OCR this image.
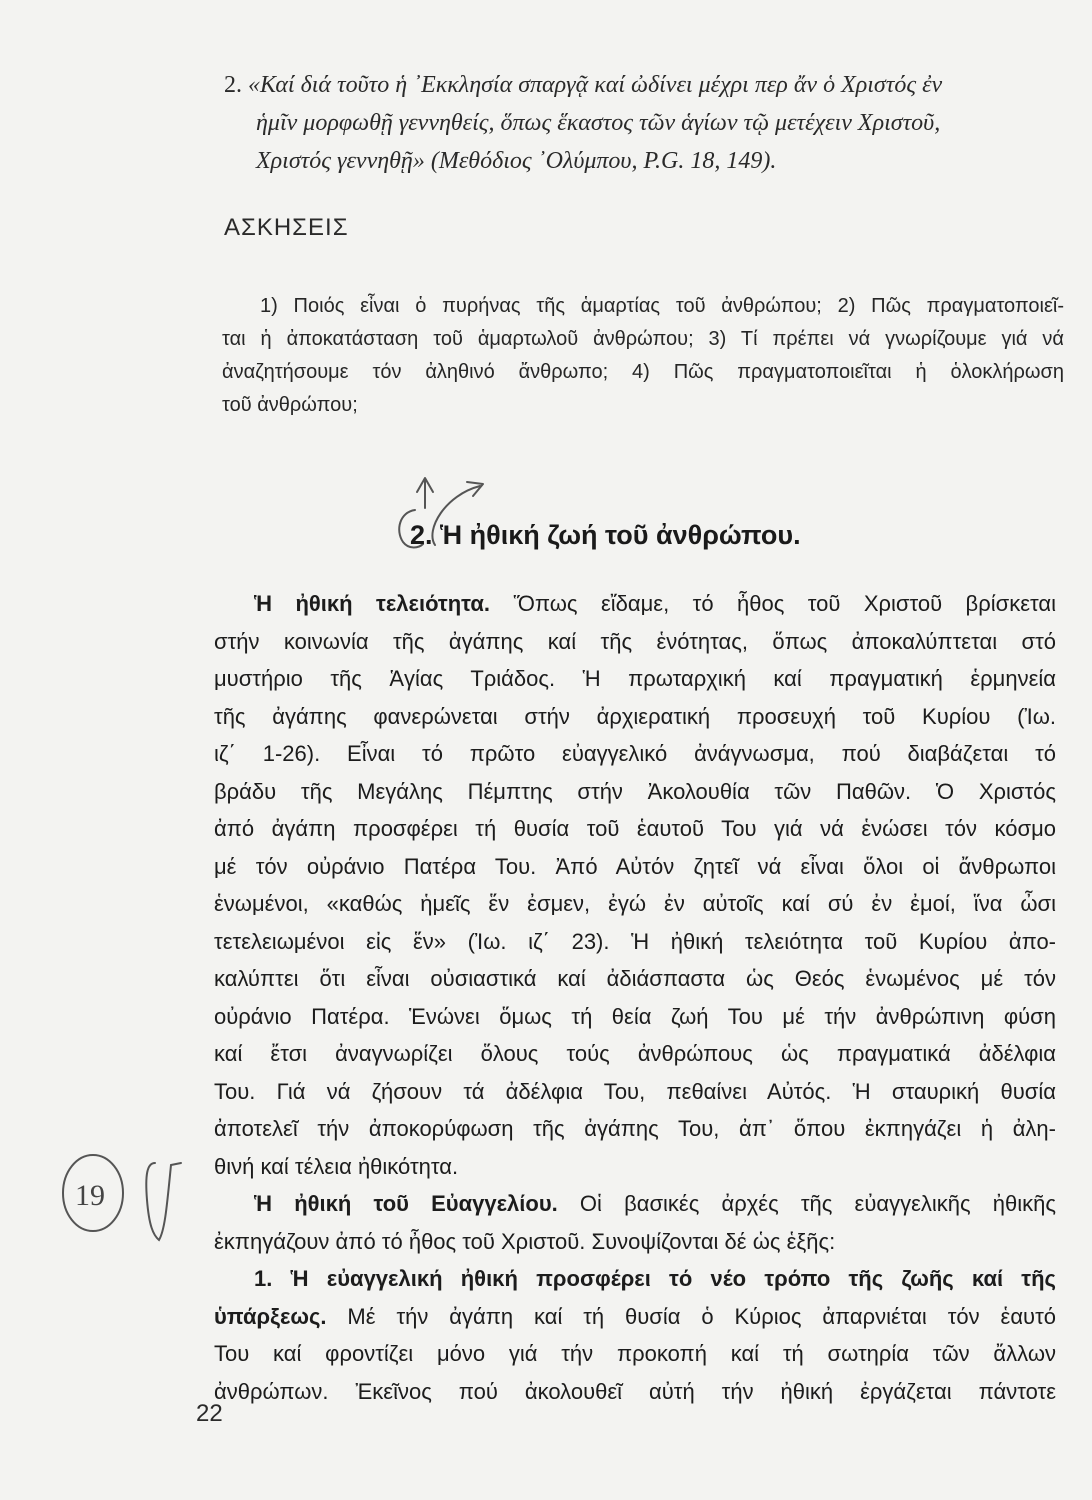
2. «Καί διά τοῦτο ἡ ᾿Εκκλησία σπαργᾷ καί ὠδίνει μέχρι περ ἄν ὁ Χριστός ἐν
ἡμῖν μορφωθῇ γεννηθείς, ὅπως ἕκαστος τῶν ἁγίων τῷ μετέχειν Χριστοῦ,
Χριστός γεννηθῇ» (Μεθόδιος ᾿Ολύμπου, P.G. 18, 149).
ΑΣΚΗΣΕΙΣ
1) Ποιός εἶναι ὁ πυρήνας τῆς ἁμαρτίας τοῦ ἀνθρώπου; 2) Πῶς πραγματοποιεῖ-
ται ἡ ἀποκατάσταση τοῦ ἁμαρτωλοῦ ἀνθρώπου; 3) Τί πρέπει νά γνωρίζουμε γιά νά
ἀναζητήσουμε τόν ἀληθινό ἄνθρωπο; 4) Πῶς πραγματοποιεῖται ἡ ὁλοκλήρωση
τοῦ ἀνθρώπου;
2. Ἡ ἠθική ζωή τοῦ ἀνθρώπου.
Ἡ ἠθική τελειότητα. Ὅπως εἴδαμε, τό ἦθος τοῦ Χριστοῦ βρίσκεται
στήν κοινωνία τῆς ἀγάπης καί τῆς ἑνότητας, ὅπως ἀποκαλύπτεται στό
μυστήριο τῆς Ἁγίας Τριάδος. Ἡ πρωταρχική καί πραγματική ἑρμηνεία
τῆς ἀγάπης φανερώνεται στήν ἀρχιερατική προσευχή τοῦ Κυρίου (Ἰω.
ιζ΄ 1-26). Εἶναι τό πρῶτο εὐαγγελικό ἀνάγνωσμα, πού διαβάζεται τό
βράδυ τῆς Μεγάλης Πέμπτης στήν Ἀκολουθία τῶν Παθῶν. Ὁ Χριστός
ἀπό ἀγάπη προσφέρει τή θυσία τοῦ ἑαυτοῦ Του γιά νά ἑνώσει τόν κόσμο
μέ τόν οὐράνιο Πατέρα Του. Ἀπό Αὐτόν ζητεῖ νά εἶναι ὅλοι οἱ ἄνθρωποι
ἑνωμένοι, «καθώς ἡμεῖς ἕν ἐσμεν, ἐγώ ἐν αὐτοῖς καί σύ ἐν ἐμοί, ἵνα ὦσι
τετελειωμένοι εἰς ἕν» (Ἰω. ιζ΄ 23). Ἡ ἠθική τελειότητα τοῦ Κυρίου ἀπο-
καλύπτει ὅτι εἶναι οὐσιαστικά καί ἀδιάσπαστα ὡς Θεός ἑνωμένος μέ τόν
οὐράνιο Πατέρα. Ἑνώνει ὅμως τή θεία ζωή Του μέ τήν ἀνθρώπινη φύση
καί ἔτσι ἀναγνωρίζει ὅλους τούς ἀνθρώπους ὡς πραγματικά ἀδέλφια
Του. Γιά νά ζήσουν τά ἀδέλφια Του, πεθαίνει Αὐτός. Ἡ σταυρική θυσία
ἀποτελεῖ τήν ἀποκορύφωση τῆς ἀγάπης Του, ἀπ᾿ ὅπου ἐκπηγάζει ἡ ἀλη-
θινή καί τέλεια ἠθικότητα.
Ἡ ἠθική τοῦ Εὐαγγελίου. Οἱ βασικές ἀρχές τῆς εὐαγγελικῆς ἠθικῆς
ἐκπηγάζουν ἀπό τό ἦθος τοῦ Χριστοῦ. Συνοψίζονται δέ ὡς ἑξῆς:
1. Ἡ εὐαγγελική ἠθική προσφέρει τό νέο τρόπο τῆς ζωῆς καί τῆς
ὑπάρξεως. Μέ τήν ἀγάπη καί τή θυσία ὁ Κύριος ἀπαρνιέται τόν ἑαυτό
Του καί φροντίζει μόνο γιά τήν προκοπή καί τή σωτηρία τῶν ἄλλων
ἀνθρώπων. Ἐκεῖνος πού ἀκολουθεῖ αὐτή τήν ἠθική ἐργάζεται πάντοτε
19
22
